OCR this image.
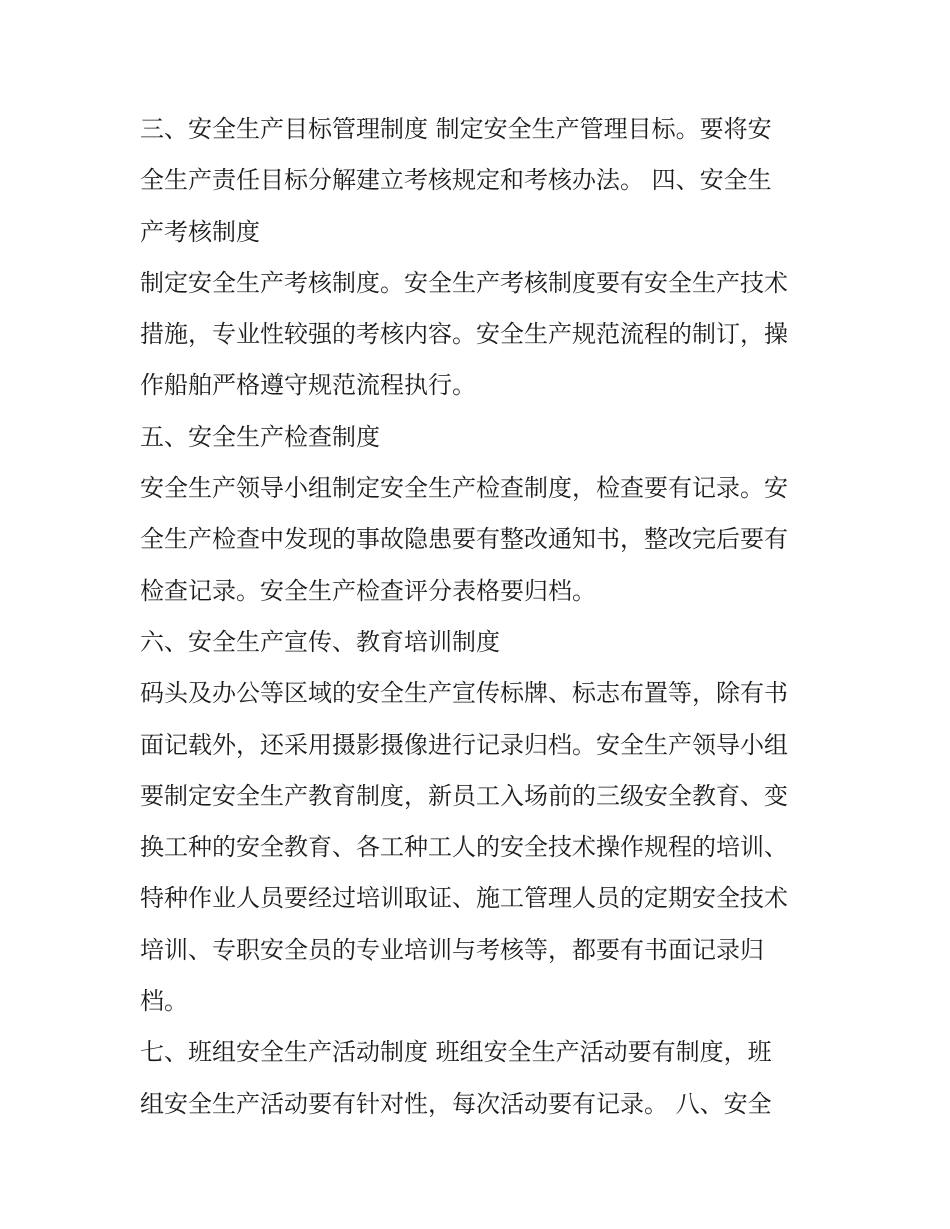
三、安全生产目标管理制度 制定安全生产管理目标。要将安
全生产责任目标分解建立考核规定和考核办法。 四、安全生
产考核制度
制定安全生产考核制度。安全生产考核制度要有安全生产技术
措施，专业性较强的考核内容。安全生产规范流程的制订，操
作船舶严格遵守规范流程执行。
五、安全生产检查制度
安全生产领导小组制定安全生产检查制度，检查要有记录。安
全生产检查中发现的事故隐患要有整改通知书，整改完后要有
检查记录。安全生产检查评分表格要归档。
六、安全生产宣传、教育培训制度
码头及办公等区域的安全生产宣传标牌、标志布置等，除有书
面记载外，还采用摄影摄像进行记录归档。安全生产领导小组
要制定安全生产教育制度，新员工入场前的三级安全教育、变
换工种的安全教育、各工种工人的安全技术操作规程的培训、
特种作业人员要经过培训取证、施工管理人员的定期安全技术
培训、专职安全员的专业培训与考核等，都要有书面记录归
档。
七、班组安全生产活动制度 班组安全生产活动要有制度，班
组安全生产活动要有针对性，每次活动要有记录。 八、安全
